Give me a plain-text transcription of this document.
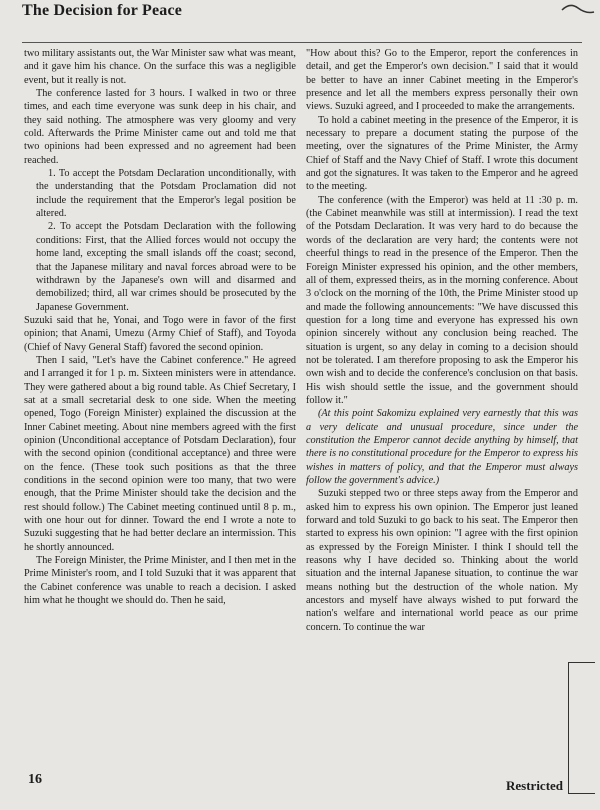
The Decision for Peace

two military assistants out, the War Minister saw what was meant, and it gave him his chance. On the surface this was a negligible event, but it really is not.

The conference lasted for 3 hours. I walked in two or three times, and each time everyone was sunk deep in his chair, and they said nothing. The atmosphere was very gloomy and very cold. Afterwards the Prime Minister came out and told me that two opinions had been expressed and no agreement had been reached.

1. To accept the Potsdam Declaration unconditionally, with the understanding that the Potsdam Proclamation did not include the requirement that the Emperor's legal position be altered.

2. To accept the Potsdam Declaration with the following conditions: First, that the Allied forces would not occupy the home land, excepting the small islands off the coast; second, that the Japanese military and naval forces abroad were to be withdrawn by the Japanese's own will and disarmed and demobilized; third, all war crimes should be prosecuted by the Japanese Government.

Suzuki said that he, Yonai, and Togo were in favor of the first opinion; that Anami, Umezu (Army Chief of Staff), and Toyoda (Chief of Navy General Staff) favored the second opinion.

Then I said, "Let's have the Cabinet conference." He agreed and I arranged it for 1 p. m. Sixteen ministers were in attendance. They were gathered about a big round table. As Chief Secretary, I sat at a small secretarial desk to one side. When the meeting opened, Togo (Foreign Minister) explained the discussion at the Inner Cabinet meeting. About nine members agreed with the first opinion (Unconditional acceptance of Potsdam Declaration), four with the second opinion (conditional acceptance) and three were on the fence. (These took such positions as that the three conditions in the second opinion were too many, that two were enough, that the Prime Minister should take the decision and the rest should follow.) The Cabinet meeting continued until 8 p. m., with one hour out for dinner. Toward the end I wrote a note to Suzuki suggesting that he had better declare an intermission. This he shortly announced.

The Foreign Minister, the Prime Minister, and I then met in the Prime Minister's room, and I told Suzuki that it was apparent that the Cabinet conference was unable to reach a decision. I asked him what he thought we should do. Then he said,

"How about this? Go to the Emperor, report the conferences in detail, and get the Emperor's own decision." I said that it would be better to have an inner Cabinet meeting in the Emperor's presence and let all the members express personally their own views. Suzuki agreed, and I proceeded to make the arrangements.

To hold a cabinet meeting in the presence of the Emperor, it is necessary to prepare a document stating the purpose of the meeting, over the signatures of the Prime Minister, the Army Chief of Staff and the Navy Chief of Staff. I wrote this document and got the signatures. It was taken to the Emperor and he agreed to the meeting.

The conference (with the Emperor) was held at 11 :30 p. m. (the Cabinet meanwhile was still at intermission). I read the text of the Potsdam Declaration. It was very hard to do because the words of the declaration are very hard; the contents were not cheerful things to read in the presence of the Emperor. Then the Foreign Minister expressed his opinion, and the other members, all of them, expressed theirs, as in the morning conference. About 3 o'clock on the morning of the 10th, the Prime Minister stood up and made the following announcements: "We have discussed this question for a long time and everyone has expressed his own opinion sincerely without any conclusion being reached. The situation is urgent, so any delay in coming to a decision should not be tolerated. I am therefore proposing to ask the Emperor his own wish and to decide the conference's conclusion on that basis. His wish should settle the issue, and the government should follow it."

(At this point Sakomizu explained very earnestly that this was a very delicate and unusual procedure, since under the constitution the Emperor cannot decide anything by himself, that there is no constitutional procedure for the Emperor to express his wishes in matters of policy, and that the Emperor must always follow the government's advice.)

Suzuki stepped two or three steps away from the Emperor and asked him to express his own opinion. The Emperor just leaned forward and told Suzuki to go back to his seat. The Emperor then started to express his own opinion: "I agree with the first opinion as expressed by the Foreign Minister. I think I should tell the reasons why I have decided so. Thinking about the world situation and the internal Japanese situation, to continue the war means nothing but the destruction of the whole nation. My ancestors and myself have always wished to put forward the nation's welfare and international world peace as our prime concern. To continue the war

16	Restricted
